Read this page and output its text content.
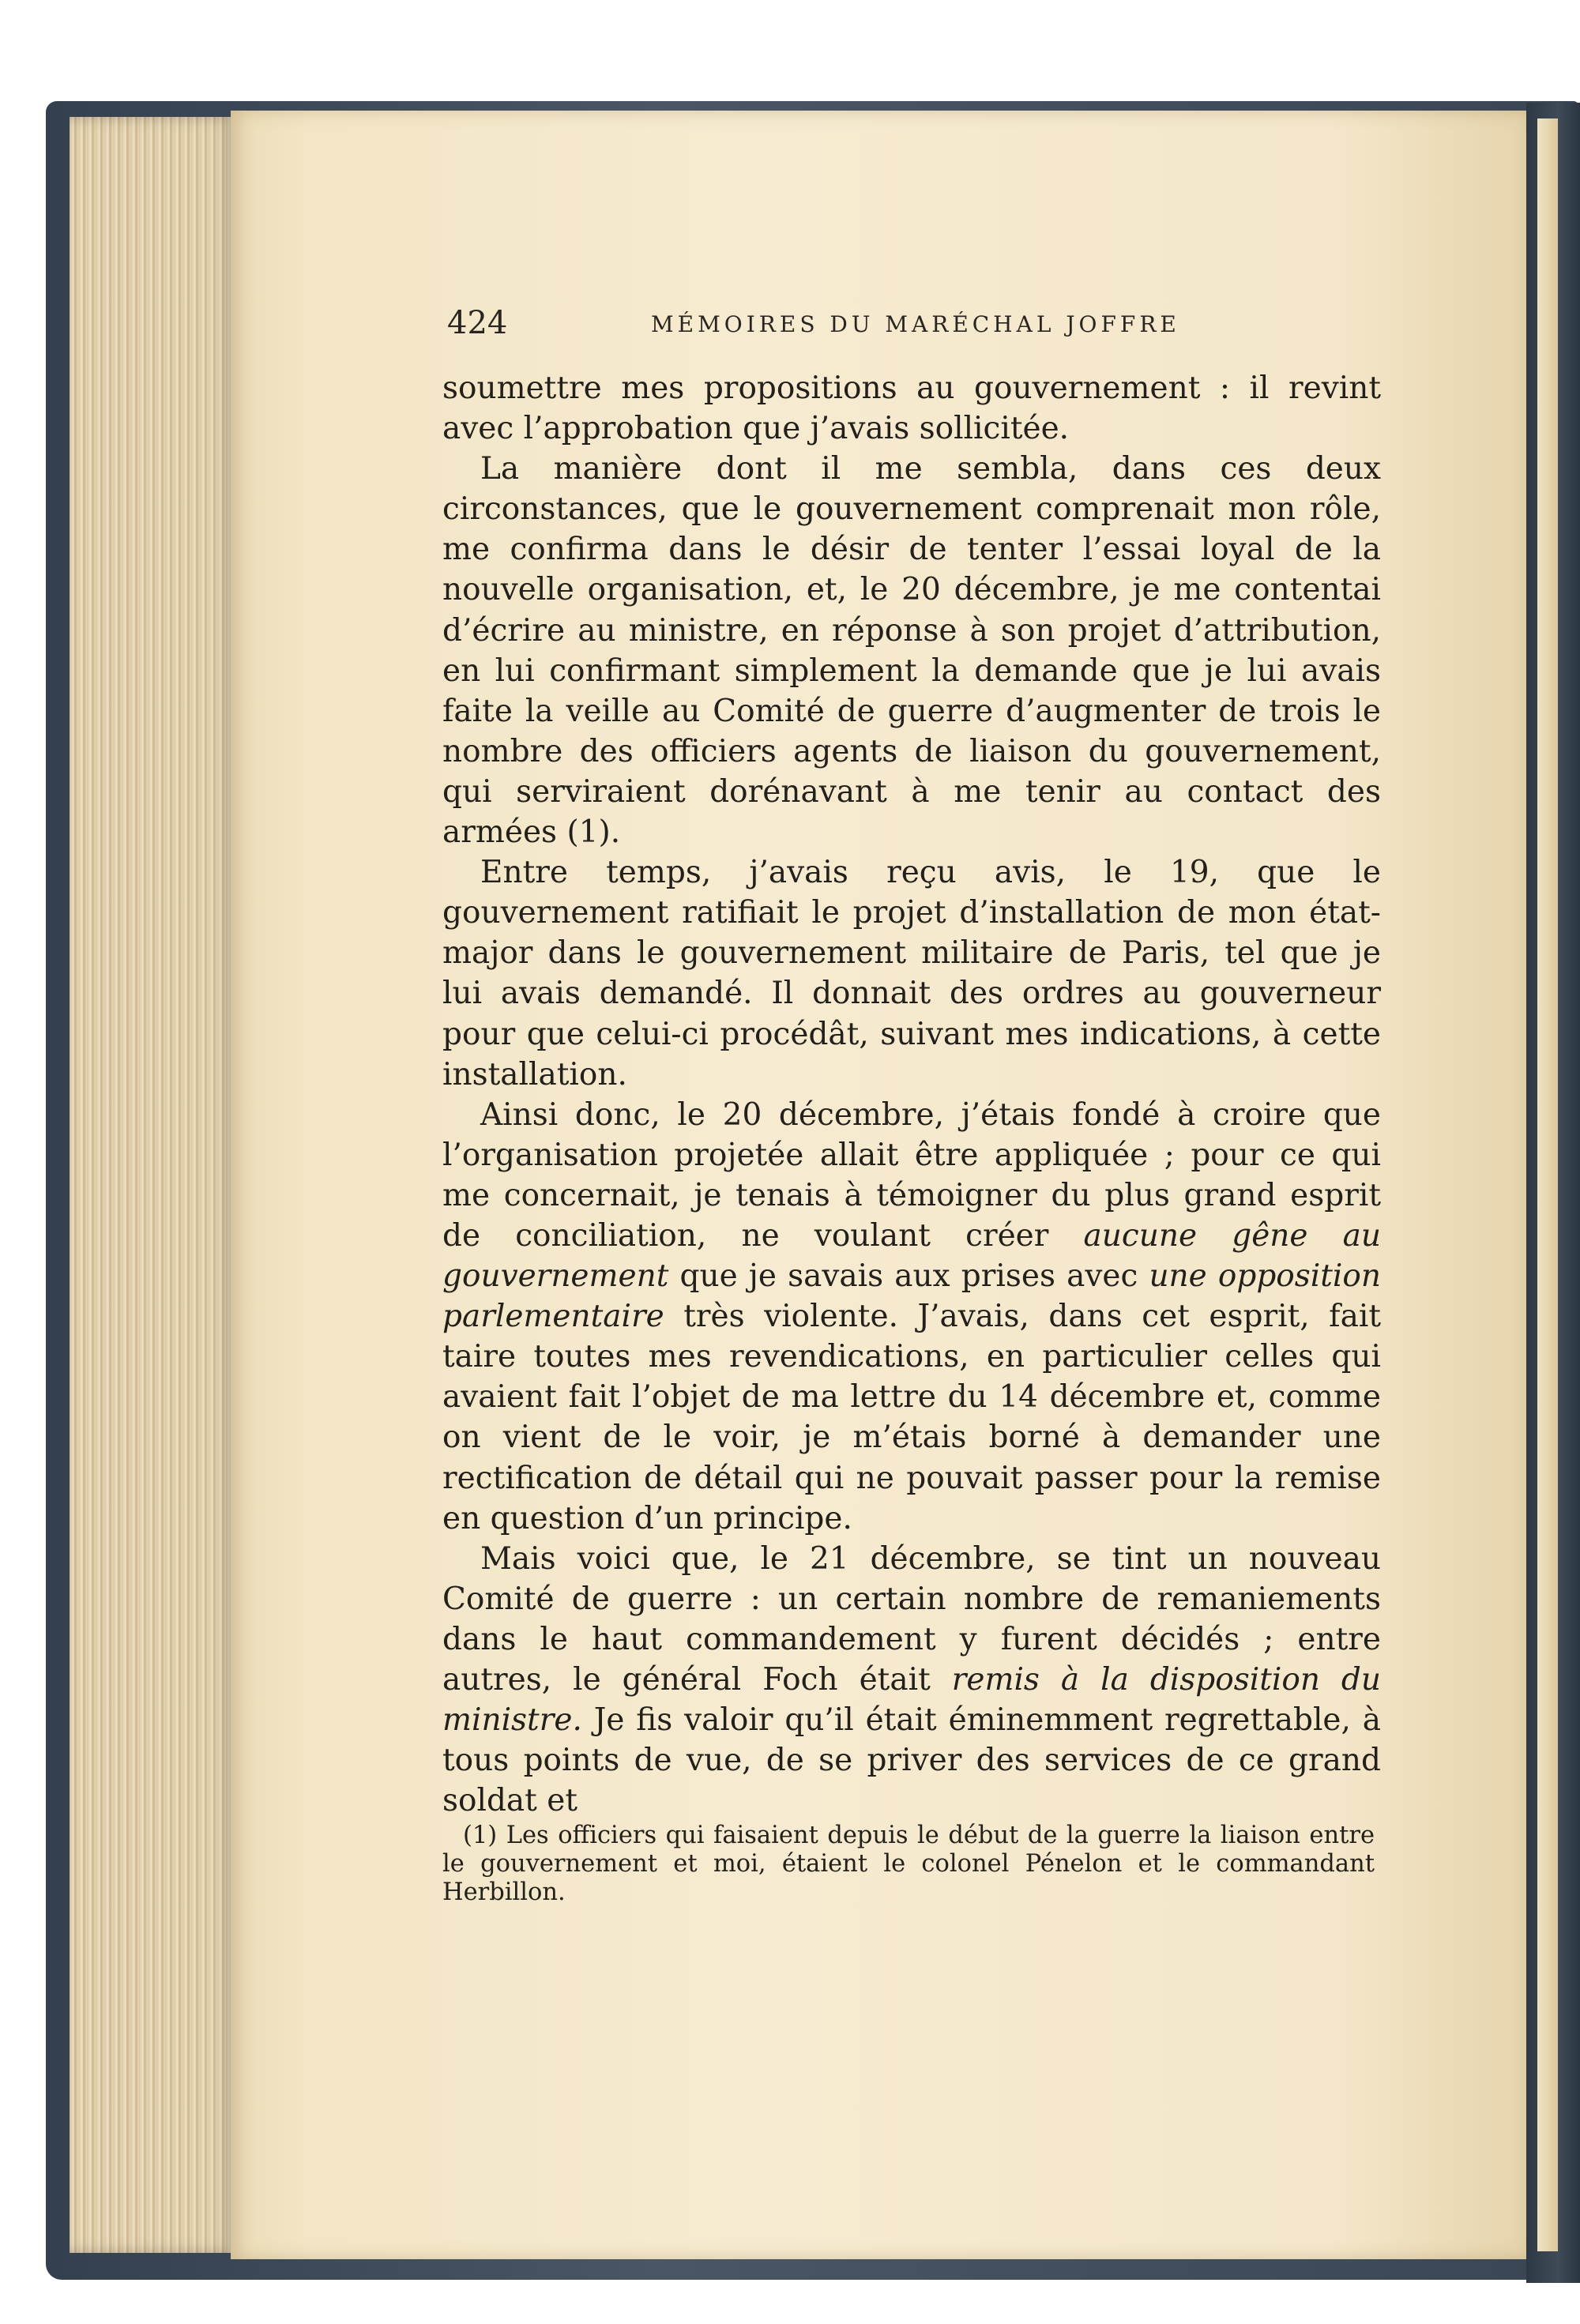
424	MÉMOIRES DU MARÉCHAL JOFFRE

soumettre mes propositions au gouvernement : il revint avec l’approbation que j’avais sollicitée.

La manière dont il me sembla, dans ces deux circonstances, que le gouvernement comprenait mon rôle, me confirma dans le désir de tenter l’essai loyal de la nouvelle organisation, et, le 20 décembre, je me contentai d’écrire au ministre, en réponse à son projet d’attribution, en lui confirmant simplement la demande que je lui avais faite la veille au Comité de guerre d’augmenter de trois le nombre des officiers agents de liaison du gouvernement, qui serviraient dorénavant à me tenir au contact des armées (1).

Entre temps, j’avais reçu avis, le 19, que le gouvernement ratifiait le projet d’installation de mon état-major dans le gouvernement militaire de Paris, tel que je lui avais demandé. Il donnait des ordres au gouverneur pour que celui-ci procédât, suivant mes indications, à cette installation.

Ainsi donc, le 20 décembre, j’étais fondé à croire que l’organisation projetée allait être appliquée ; pour ce qui me concernait, je tenais à témoigner du plus grand esprit de conciliation, ne voulant créer aucune gêne au gouvernement que je savais aux prises avec une opposition parlementaire très violente. J’avais, dans cet esprit, fait taire toutes mes revendications, en particulier celles qui avaient fait l’objet de ma lettre du 14 décembre et, comme on vient de le voir, je m’étais borné à demander une rectification de détail qui ne pouvait passer pour la remise en question d’un principe.

Mais voici que, le 21 décembre, se tint un nouveau Comité de guerre : un certain nombre de remaniements dans le haut commandement y furent décidés ; entre autres, le général Foch était remis à la disposition du ministre. Je fis valoir qu’il était éminemment regrettable, à tous points de vue, de se priver des services de ce grand soldat et

(1) Les officiers qui faisaient depuis le début de la guerre la liaison entre le gouvernement et moi, étaient le colonel Pénelon et le commandant Herbillon.
